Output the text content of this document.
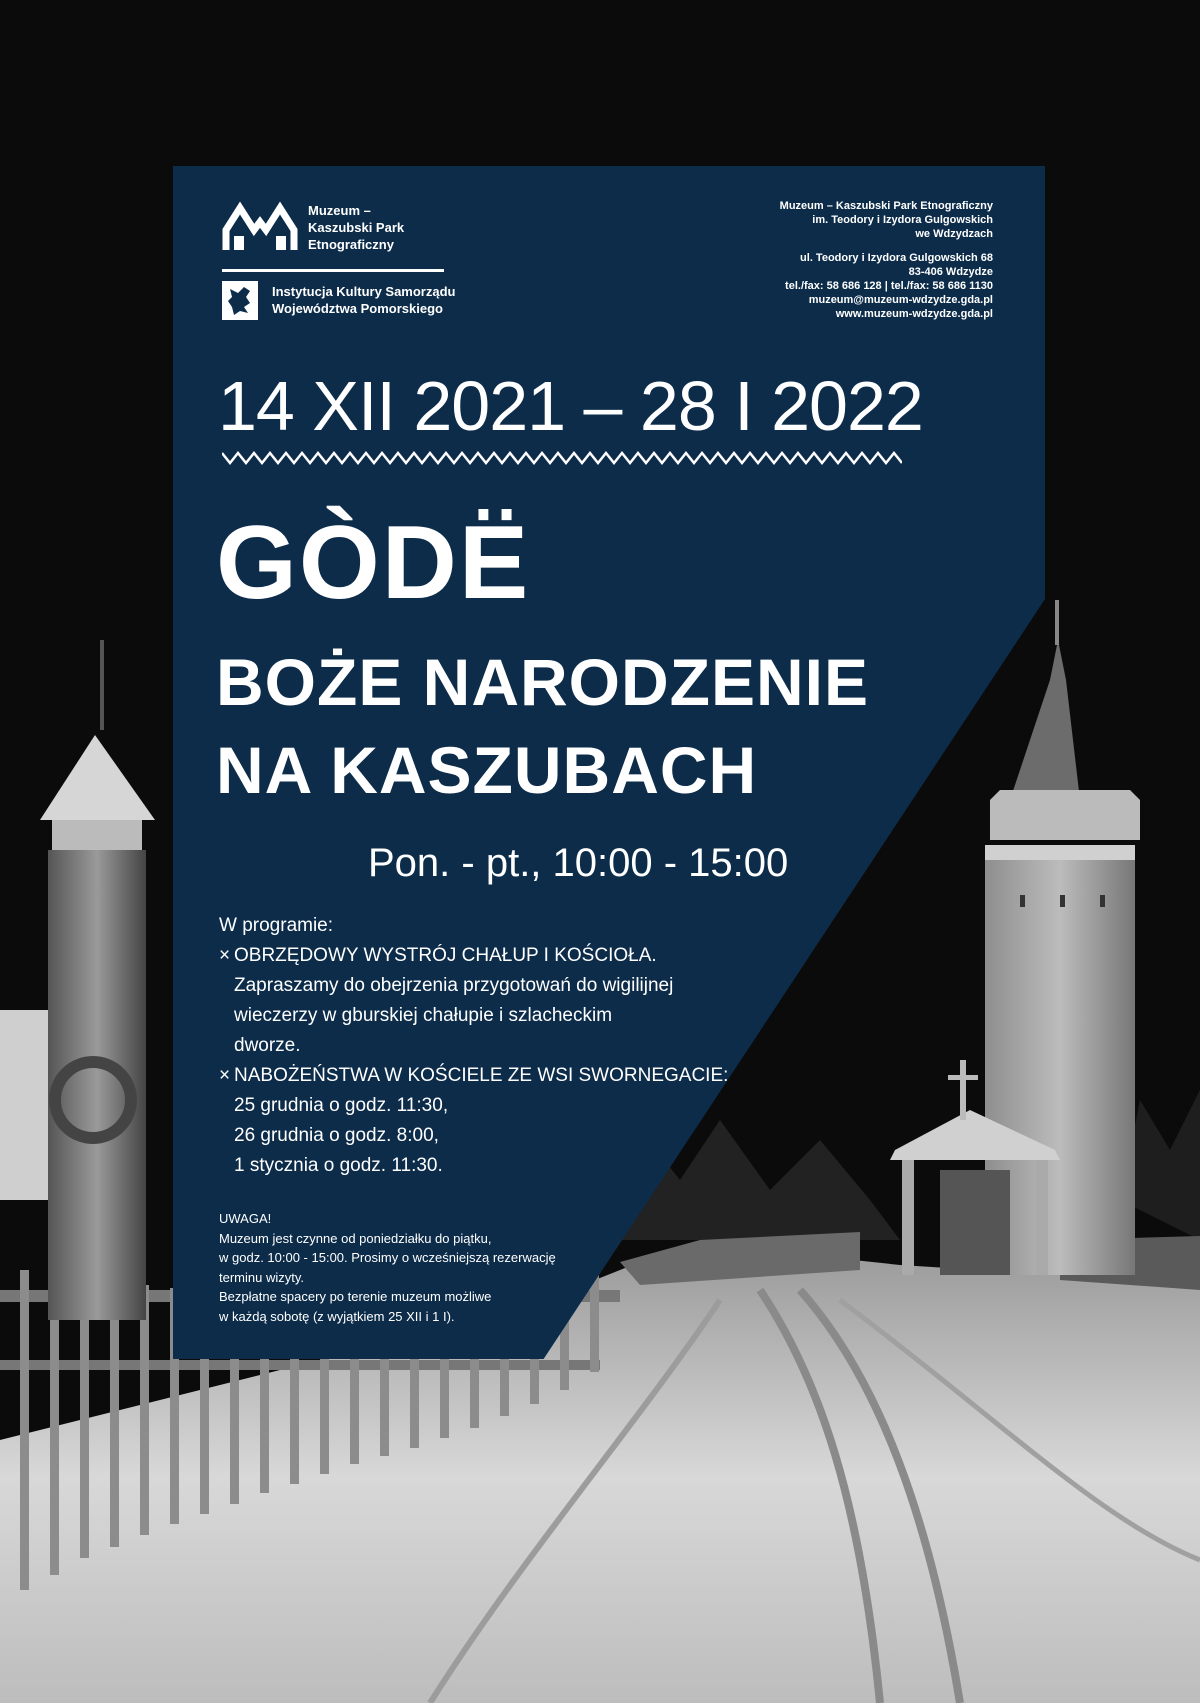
Muzeum –
Kaszubski Park
Etnograficzny
Instytucja Kultury Samorządu
Województwa Pomorskiego
Muzeum – Kaszubski Park Etnograficzny
im. Teodory i Izydora Gulgowskich
we Wdzydzach
ul. Teodory i Izydora Gulgowskich 68
83-406 Wdzydze
tel./fax: 58 686 128 | tel./fax: 58 686 1130
muzeum@muzeum-wdzydze.gda.pl
www.muzeum-wdzydze.gda.pl
14 XII 2021 – 28 I 2022
GÒDË
BOŻE NARODZENIE
NA KASZUBACH
Pon. - pt., 10:00 - 15:00
W programie:
× OBRZĘDOWY WYSTRÓJ CHAŁUP I KOŚCIOŁA.
Zapraszamy do obejrzenia przygotowań do wigilijnej
wieczerzy w gburskiej chałupie i szlacheckim
dworze.
× NABOŻEŃSTWA W KOŚCIELE ZE WSI SWORNEGACIE:
25 grudnia o godz. 11:30,
26 grudnia o godz. 8:00,
1 stycznia o godz. 11:30.
UWAGA!
Muzeum jest czynne od poniedziałku do piątku,
w godz. 10:00 - 15:00. Prosimy o wcześniejszą rezerwację
terminu wizyty.
Bezpłatne spacery po terenie muzeum możliwe
w każdą sobotę (z wyjątkiem 25 XII i 1 I).
